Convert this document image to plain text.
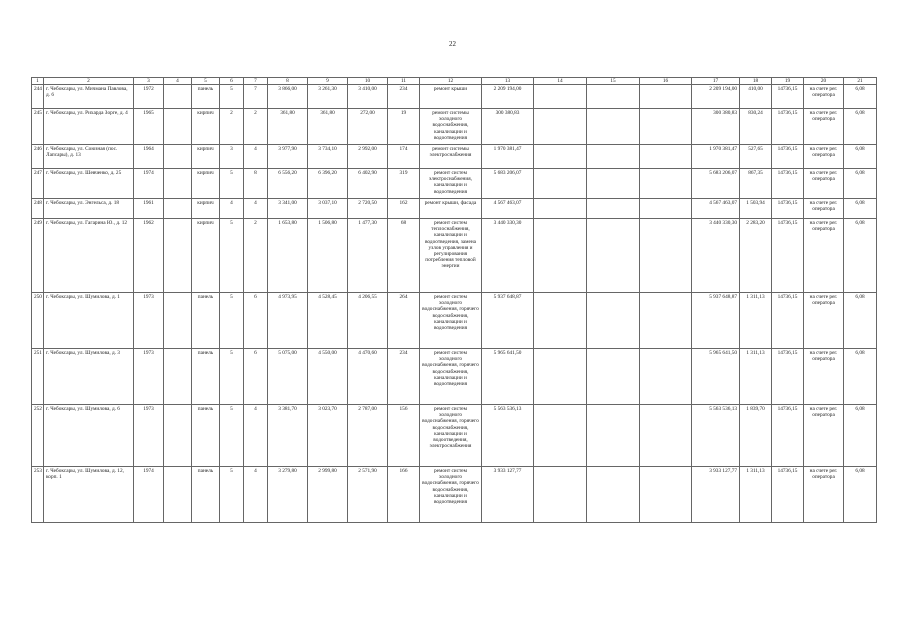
22
1	2	3	4	5	6	7	8	9	10	11	12	13	14	15	16	17	18	19	20	21
244	г. Чебоксары, ул. Мичмана Павлова, д. 6	1972		панель	5	7	3 866,00	3 261,30	3 410,00	234	ремонт крыши	2 209 194,00				2 209 194,00	410,00	14736,15	на счете рег. оператора	6,08
245	г. Чебоксары, ул. Рихарда Зорге, д. 4	1965		кирпич	2	2	361,80	361,80	272,00	19	ремонт системы холодного водоснабжения, канализации и водоотведения	300 380,83				300 380,83	830,24	14736,15	на счете рег. оператора	6,08
246	г. Чебоксары, ул. Союзная (пос. Лапсары), д. 13	1964		кирпич	3	4	3 977,90	3 734,10	2 992,00	174	ремонт системы электроснабжения	1 970 381,47				1 970 381,47	527,65	14736,15	на счете рег. оператора	6,08
247	г. Чебоксары, ул. Шевченко, д. 25	1974		кирпич	5	8	6 556,20	6 396,20	6 402,90	319	ремонт систем электроснабжения, канализации и водоотведения	5 683 206,07				5 683 206,07	867,35	14736,15	на счете рег. оператора	6,08
248	г. Чебоксары, ул. Энгельса, д. 18	1961		кирпич	4	4	3 341,00	3 037,10	2 720,50	162	ремонт крыши, фасада	4 567 463,07				4 567 463,07	1 503,94	14736,15	на счете рег. оператора	6,08
249	г. Чебоксары, ул. Гагарина Ю., д. 12	1962		кирпич	5	2	1 653,80	1 506,80	1 477,30	68	ремонт систем теплоснабжения, канализации и водоотведения, замена узлов управления и регулирования потребления тепловой энергии	3 440 330,30				3 440 330,30	2 283,20	14736,15	на счете рег. оператора	6,08
250	г. Чебоксары, ул. Шумилова, д. 1	1973		панель	5	6	4 973,95	4 528,45	4 206,55	264	ремонт систем холодного водоснабжения, горячего водоснабжения, канализации и водоотведения	5 937 648,87				5 937 648,87	1 311,13	14736,15	на счете рег. оператора	6,08
251	г. Чебоксары, ул. Шумилова, д. 3	1973		панель	5	6	5 075,00	4 550,00	4 470,60	234	ремонт систем холодного водоснабжения, горячего водоснабжения, канализации и водоотведения	5 965 641,50				5 965 641,50	1 311,13	14736,15	на счете рег. оператора	6,08
252	г. Чебоксары, ул. Шумилова, д. 6	1973		панель	5	4	3 381,70	3 023,70	2 787,00	156	ремонт систем холодного водоснабжения, горячего водоснабжения, канализации и водоотведения, электроснабжения	5 563 536,13				5 563 536,13	1 839,70	14736,15	на счете рег. оператора	6,08
253	г. Чебоксары, ул. Шумилова, д. 12, корп. 1	1974		панель	5	4	3 279,80	2 999,80	2 571,90	166	ремонт систем холодного водоснабжения, горячего водоснабжения, канализации и водоотведения	3 933 127,77				3 933 127,77	1 311,13	14736,15	на счете рег. оператора	6,08
